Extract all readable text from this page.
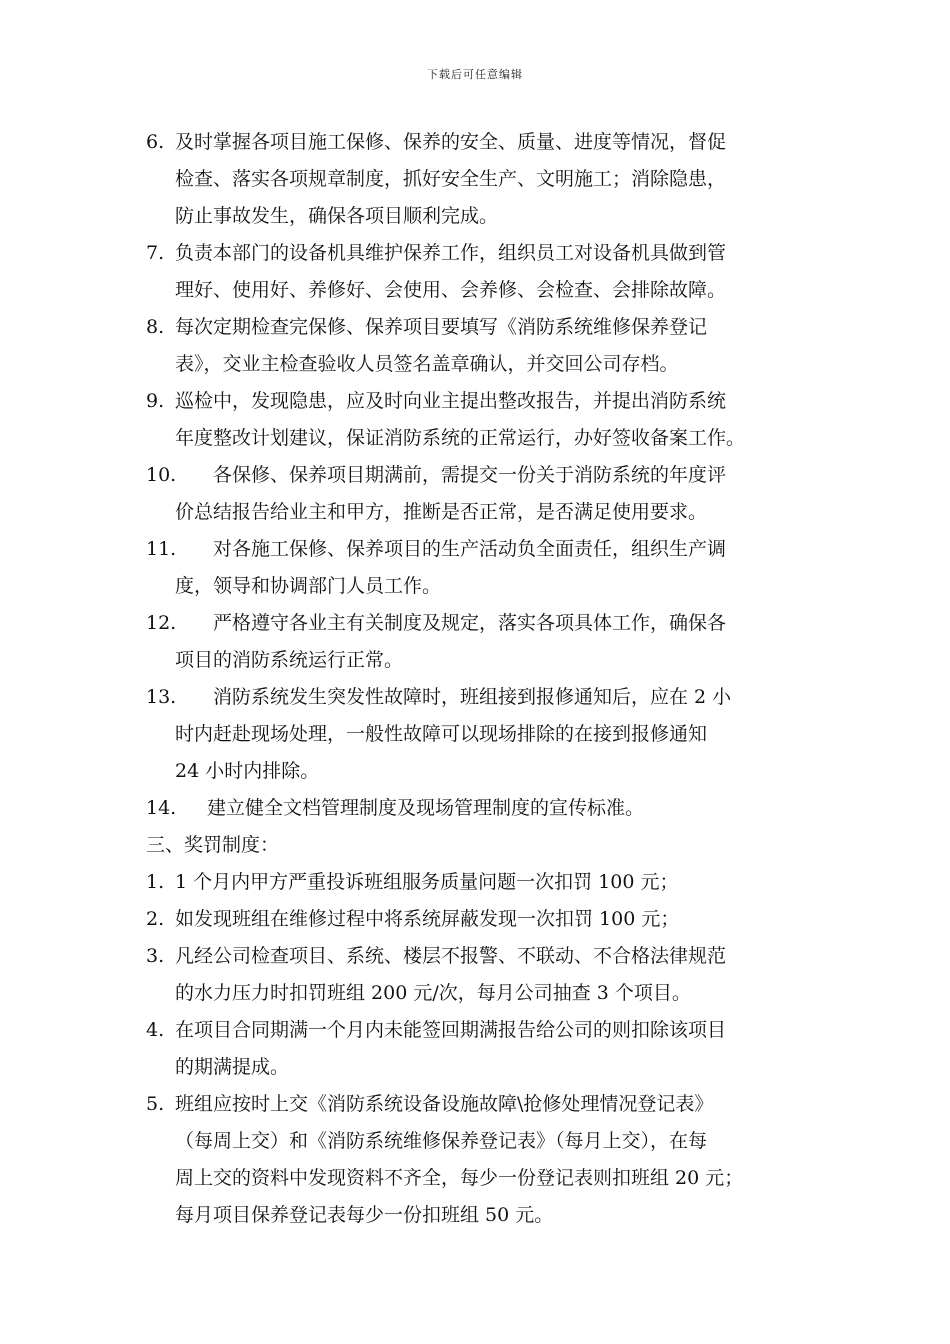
下载后可任意编辑
6. 及时掌握各项目施工保修、保养的安全、质量、进度等情况，督促
检查、落实各项规章制度，抓好安全生产、文明施工；消除隐患，
防止事故发生，确保各项目顺利完成。
7. 负责本部门的设备机具维护保养工作，组织员工对设备机具做到管
理好、使用好、养修好、会使用、会养修、会检查、会排除故障。
8. 每次定期检查完保修、保养项目要填写《消防系统维修保养登记
表》，交业主检查验收人员签名盖章确认，并交回公司存档。
9. 巡检中，发现隐患，应及时向业主提出整改报告，并提出消防系统
年度整改计划建议，保证消防系统的正常运行，办好签收备案工作。
10. 各保修、保养项目期满前，需提交一份关于消防系统的年度评
价总结报告给业主和甲方，推断是否正常，是否满足使用要求。
11. 对各施工保修、保养项目的生产活动负全面责任，组织生产调
度，领导和协调部门人员工作。
12. 严格遵守各业主有关制度及规定，落实各项具体工作，确保各
项目的消防系统运行正常。
13. 消防系统发生突发性故障时，班组接到报修通知后，应在 2 小
时内赶赴现场处理，一般性故障可以现场排除的在接到报修通知
24 小时内排除。
14. 建立健全文档管理制度及现场管理制度的宣传标准。
三、奖罚制度：
1. 1 个月内甲方严重投诉班组服务质量问题一次扣罚 100 元；
2. 如发现班组在维修过程中将系统屏蔽发现一次扣罚 100 元；
3. 凡经公司检查项目、系统、楼层不报警、不联动、不合格法律规范
的水力压力时扣罚班组 200 元/次，每月公司抽查 3 个项目。
4. 在项目合同期满一个月内未能签回期满报告给公司的则扣除该项目
的期满提成。
5. 班组应按时上交《消防系统设备设施故障\抢修处理情况登记表》
（每周上交）和《消防系统维修保养登记表》（每月上交），在每
周上交的资料中发现资料不齐全，每少一份登记表则扣班组 20 元；
每月项目保养登记表每少一份扣班组 50 元。
